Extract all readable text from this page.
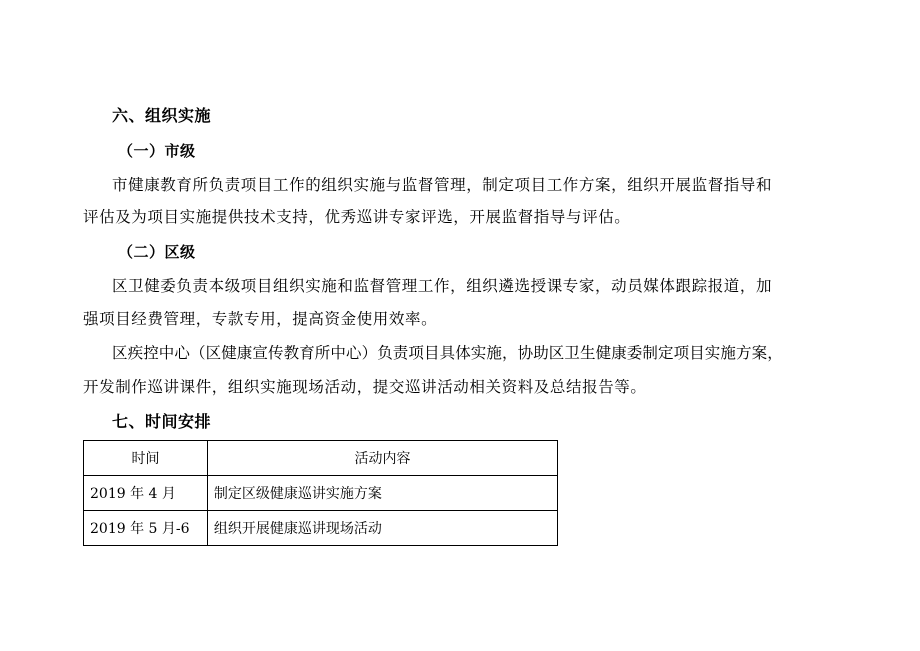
六、组织实施
（一）市级
市健康教育所负责项目工作的组织实施与监督管理，制定项目工作方案，组织开展监督指导和
评估及为项目实施提供技术支持，优秀巡讲专家评选，开展监督指导与评估。
（二）区级
区卫健委负责本级项目组织实施和监督管理工作，组织遴选授课专家，动员媒体跟踪报道，加
强项目经费管理，专款专用，提高资金使用效率。
区疾控中心（区健康宣传教育所中心）负责项目具体实施，协助区卫生健康委制定项目实施方案，
开发制作巡讲课件，组织实施现场活动，提交巡讲活动相关资料及总结报告等。
七、时间安排
时间	活动内容
2019 年 4 月	制定区级健康巡讲实施方案
2019 年 5 月-6	组织开展健康巡讲现场活动
